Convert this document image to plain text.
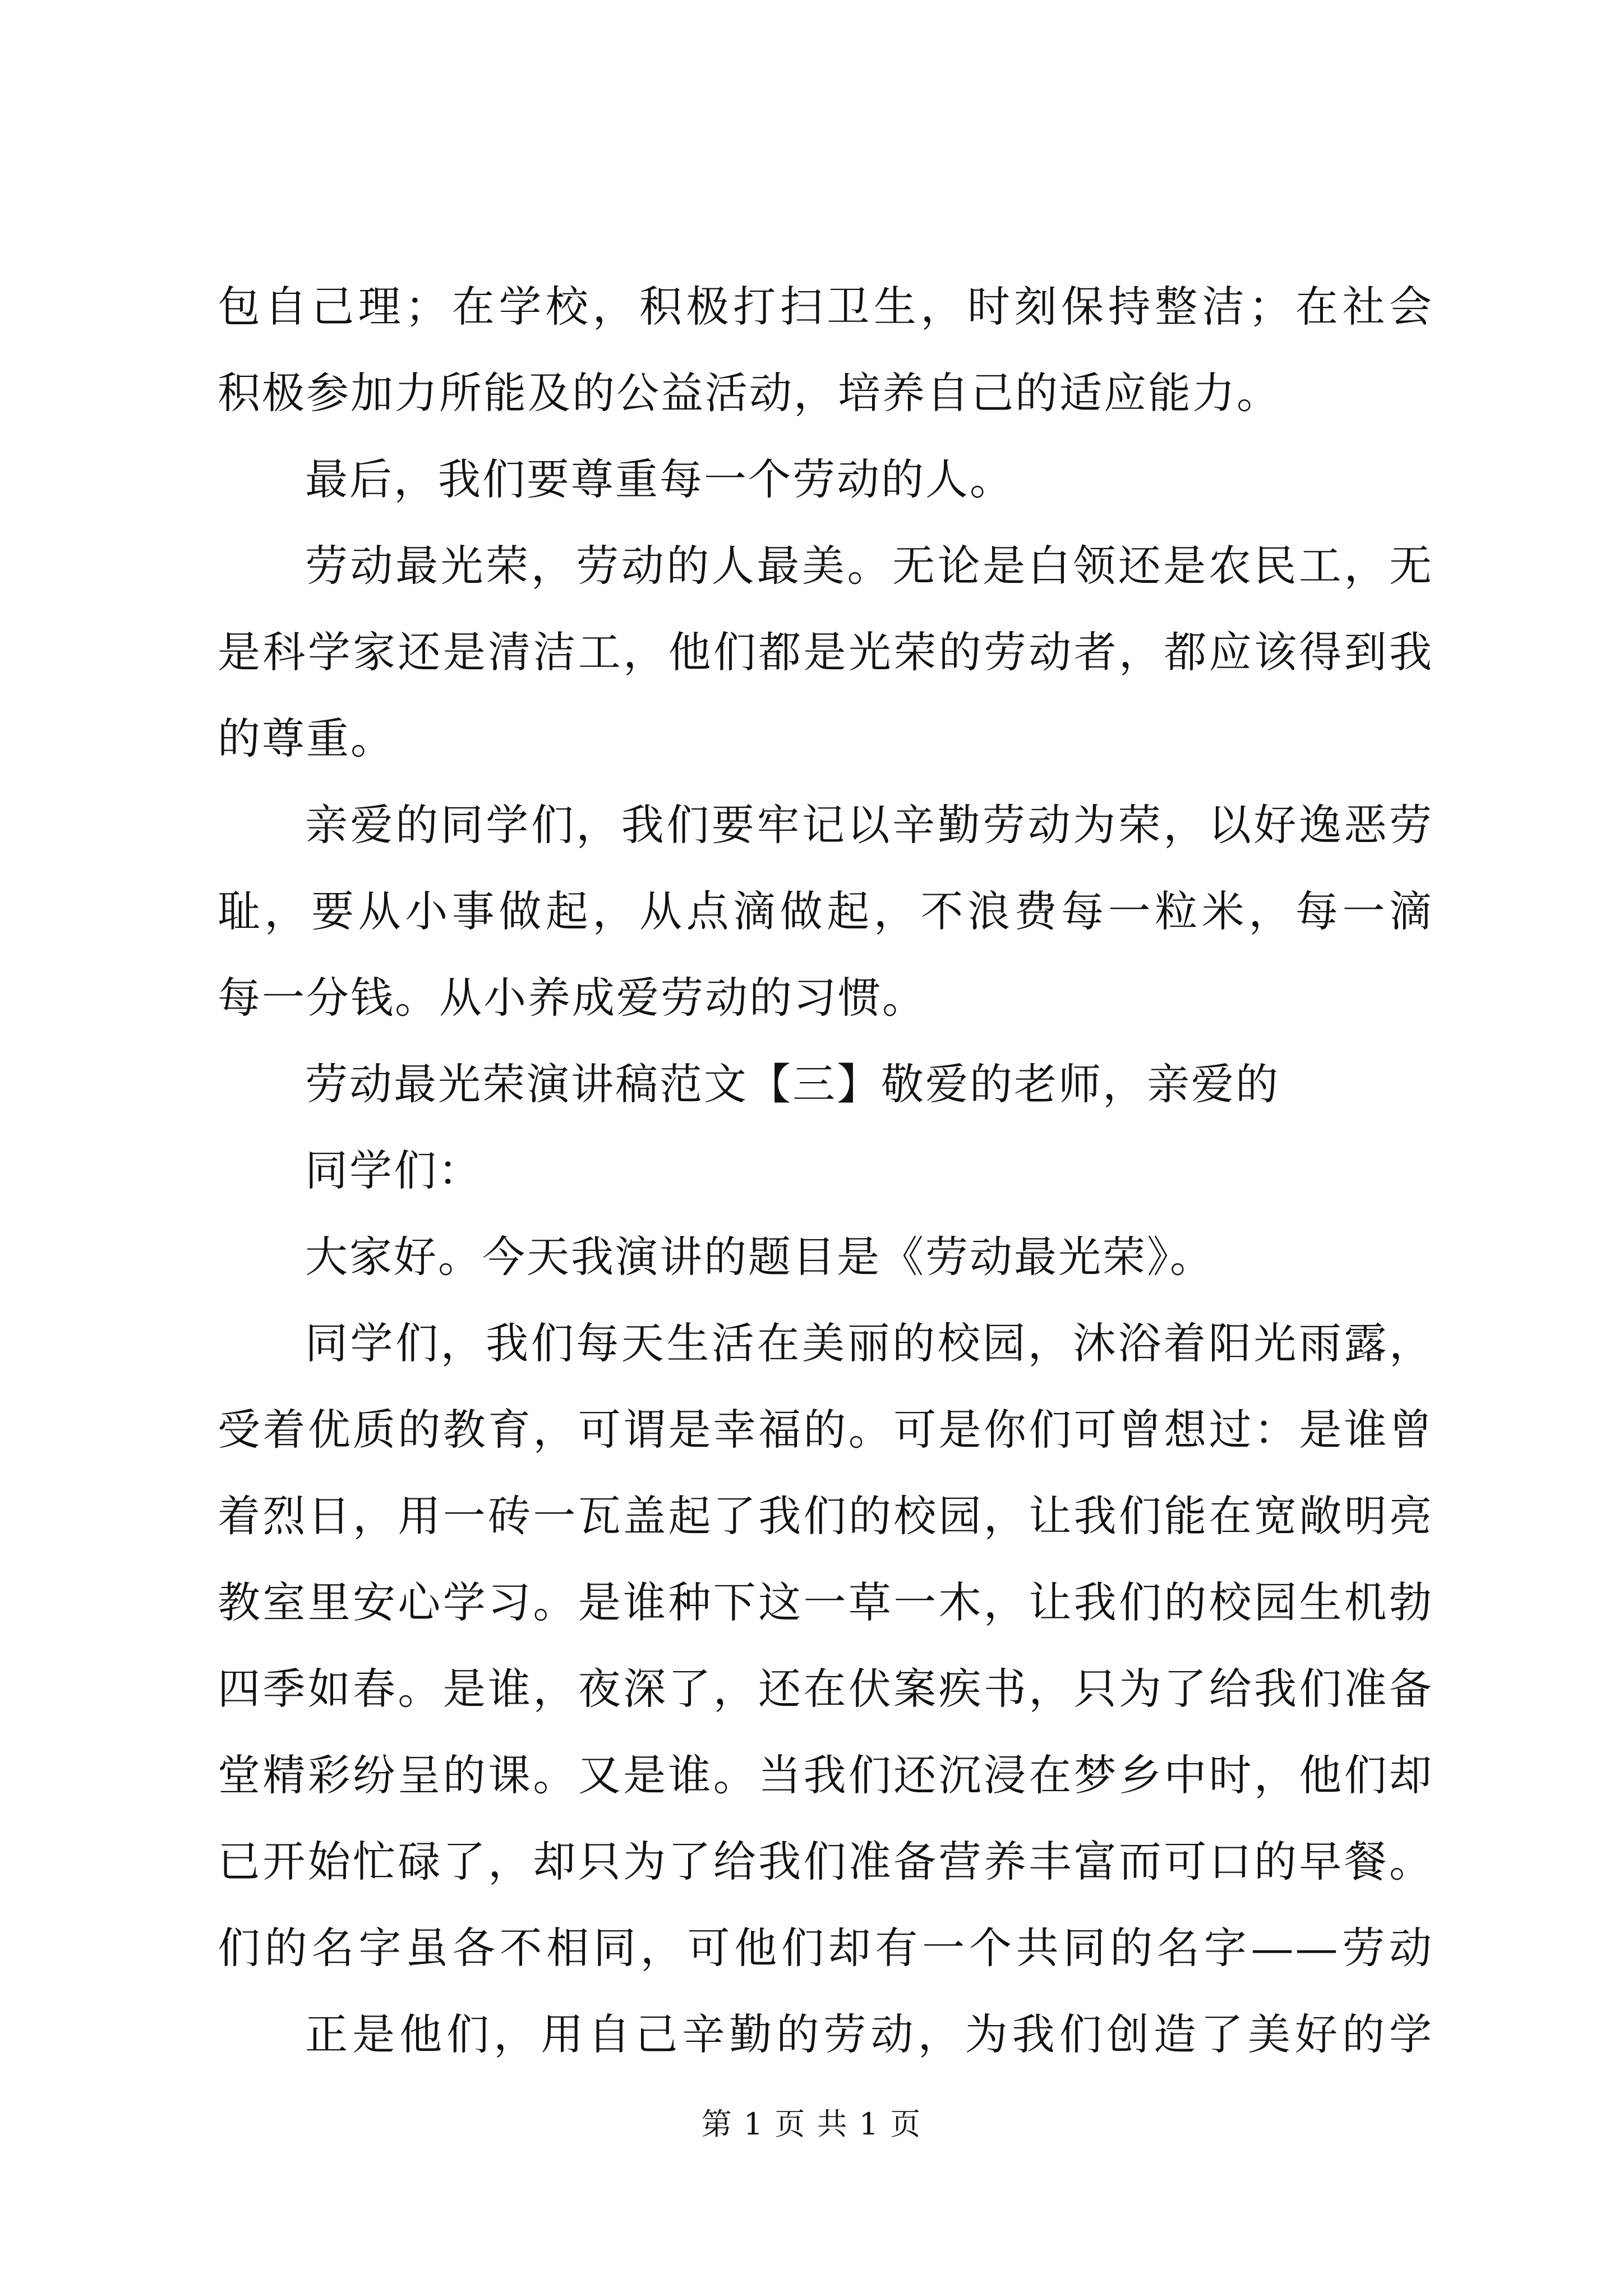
包自己理；在学校，积极打扫卫生，时刻保持整洁；在社会
积极参加力所能及的公益活动，培养自己的适应能力。
最后，我们要尊重每一个劳动的人。
劳动最光荣，劳动的人最美。无论是白领还是农民工，无
是科学家还是清洁工，他们都是光荣的劳动者，都应该得到我
的尊重。
亲爱的同学们，我们要牢记以辛勤劳动为荣，以好逸恶劳
耻，要从小事做起，从点滴做起，不浪费每一粒米，每一滴
每一分钱。从小养成爱劳动的习惯。
劳动最光荣演讲稿范文【三】敬爱的老师，亲爱的
同学们：
大家好。今天我演讲的题目是《劳动最光荣》。
同学们，我们每天生活在美丽的校园，沐浴着阳光雨露，
受着优质的教育，可谓是幸福的。可是你们可曾想过：是谁曾
着烈日，用一砖一瓦盖起了我们的校园，让我们能在宽敞明亮
教室里安心学习。是谁种下这一草一木，让我们的校园生机勃
四季如春。是谁，夜深了，还在伏案疾书，只为了给我们准备
堂精彩纷呈的课。又是谁。当我们还沉浸在梦乡中时，他们却
已开始忙碌了，却只为了给我们准备营养丰富而可口的早餐。
们的名字虽各不相同，可他们却有一个共同的名字——劳动
正是他们，用自己辛勤的劳动，为我们创造了美好的学
第 1 页 共 1 页
